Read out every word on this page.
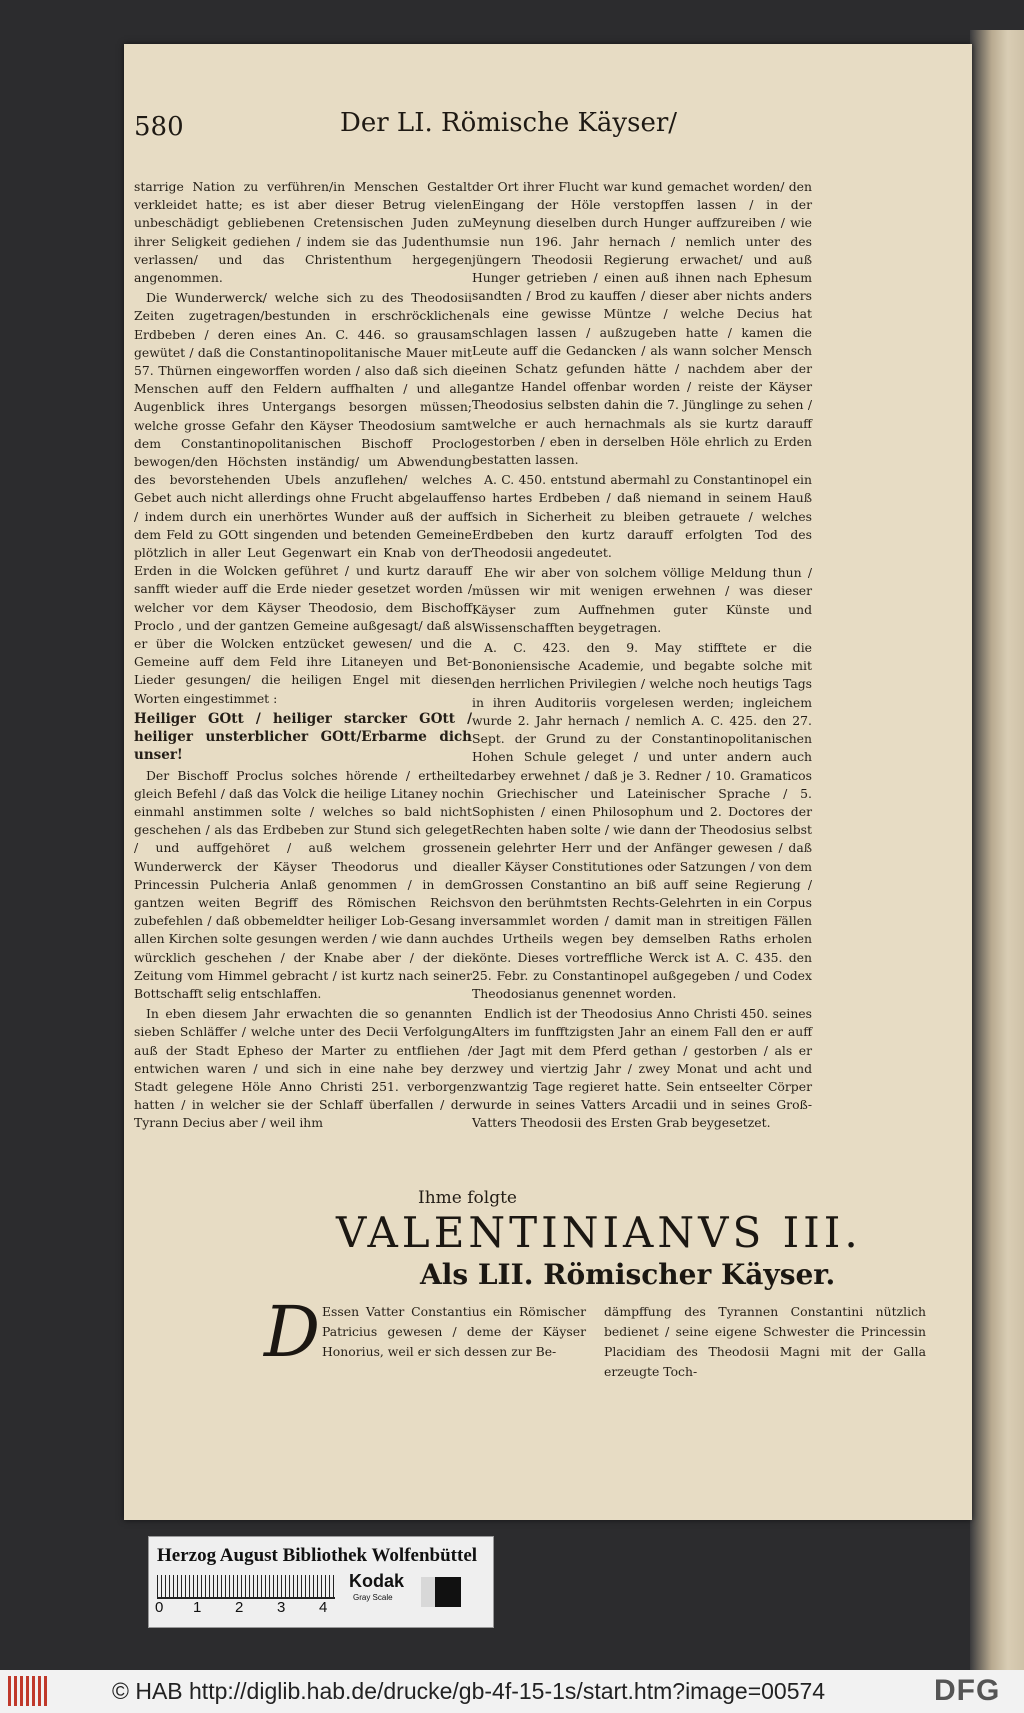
580	Der LI. Römische Käyser/

starrige Nation zu verführen/in Menschen Gestalt verkleidet hatte; es ist aber dieser Betrug vielen unbeschädigt gebliebenen Cretensischen Juden zu ihrer Seligkeit gediehen / indem sie das Judenthum verlassen/ und das Christenthum hergegen angenommen.

Die Wunderwerck/ welche sich zu des Theodosii Zeiten zugetragen/bestunden in erschröcklichen Erdbeben / deren eines An. C. 446. so grausam gewütet / daß die Constantinopolitanische Mauer mit 57. Thürnen eingeworffen worden / also daß sich die Menschen auff den Feldern auffhalten / und alle Augenblick ihres Untergangs besorgen müssen; welche grosse Gefahr den Käyser Theodosium samt dem Constantinopolitanischen Bischoff Proclo bewogen/den Höchsten inständig/ um Abwendung des bevorstehenden Ubels anzuflehen/ welches Gebet auch nicht allerdings ohne Frucht abgelauffen / indem durch ein unerhörtes Wunder auß der auff dem Feld zu GOtt singenden und betenden Gemeine plötzlich in aller Leut Gegenwart ein Knab von der Erden in die Wolcken geführet / und kurtz darauff sanfft wieder auff die Erde nieder gesetzet worden / welcher vor dem Käyser Theodosio, dem Bischoff Proclo , und der gantzen Gemeine außgesagt/ daß als er über die Wolcken entzücket gewesen/ und die Gemeine auff dem Feld ihre Litaneyen und Bet-Lieder gesungen/ die heiligen Engel mit diesen Worten eingestimmet :

Heiliger GOtt / heiliger starcker GOtt / heiliger unsterblicher GOtt/Erbarme dich unser!

Der Bischoff Proclus solches hörende / ertheilte gleich Befehl / daß das Volck die heilige Litaney noch einmahl anstimmen solte / welches so bald nicht geschehen / als das Erdbeben zur Stund sich geleget / und auffgehöret / auß welchem grossen Wunderwerck der Käyser Theodorus und die Princessin Pulcheria Anlaß genommen / in dem gantzen weiten Begriff des Römischen Reichs zubefehlen / daß obbemeldter heiliger Lob-Gesang in allen Kirchen solte gesungen werden / wie dann auch würcklich geschehen / der Knabe aber / der die Zeitung vom Himmel gebracht / ist kurtz nach seiner Bottschafft selig entschlaffen.

In eben diesem Jahr erwachten die so genannten sieben Schläffer / welche unter des Decii Verfolgung auß der Stadt Epheso der Marter zu entfliehen / entwichen waren / und sich in eine nahe bey der Stadt gelegene Höle Anno Christi 251. verborgen hatten / in welcher sie der Schlaff überfallen / der Tyrann Decius aber / weil ihm

der Ort ihrer Flucht war kund gemachet worden/ den Eingang der Höle verstopffen lassen / in der Meynung dieselben durch Hunger auffzureiben / wie sie nun 196. Jahr hernach / nemlich unter des jüngern Theodosii Regierung erwachet/ und auß Hunger getrieben / einen auß ihnen nach Ephesum sandten / Brod zu kauffen / dieser aber nichts anders als eine gewisse Müntze / welche Decius hat schlagen lassen / außzugeben hatte / kamen die Leute auff die Gedancken / als wann solcher Mensch einen Schatz gefunden hätte / nachdem aber der gantze Handel offenbar worden / reiste der Käyser Theodosius selbsten dahin die 7. Jünglinge zu sehen / welche er auch hernachmals als sie kurtz darauff gestorben / eben in derselben Höle ehrlich zu Erden bestatten lassen.

A. C. 450. entstund abermahl zu Constantinopel ein so hartes Erdbeben / daß niemand in seinem Hauß sich in Sicherheit zu bleiben getrauete / welches Erdbeben den kurtz darauff erfolgten Tod des Theodosii angedeutet.

Ehe wir aber von solchem völlige Meldung thun / müssen wir mit wenigen erwehnen / was dieser Käyser zum Auffnehmen guter Künste und Wissenschafften beygetragen.

A. C. 423. den 9. May stifftete er die Bononiensische Academie, und begabte solche mit den herrlichen Privilegien / welche noch heutigs Tags in ihren Auditoriis vorgelesen werden; ingleichem wurde 2. Jahr hernach / nemlich A. C. 425. den 27. Sept. der Grund zu der Constantinopolitanischen Hohen Schule geleget / und unter andern auch darbey erwehnet / daß je 3. Redner / 10. Gramaticos in Griechischer und Lateinischer Sprache / 5. Sophisten / einen Philosophum und 2. Doctores der Rechten haben solte / wie dann der Theodosius selbst ein gelehrter Herr und der Anfänger gewesen / daß aller Käyser Constitutiones oder Satzungen / von dem Grossen Constantino an biß auff seine Regierung / von den berühmtsten Rechts-Gelehrten in ein Corpus versammlet worden / damit man in streitigen Fällen des Urtheils wegen bey demselben Raths erholen könte. Dieses vortreffliche Werck ist A. C. 435. den 25. Febr. zu Constantinopel außgegeben / und Codex Theodosianus genennet worden.

Endlich ist der Theodosius Anno Christi 450. seines Alters im funfftzigsten Jahr an einem Fall den er auff der Jagt mit dem Pferd gethan / gestorben / als er zwey und viertzig Jahr / zwey Monat und acht und zwantzig Tage regieret hatte. Sein entseelter Cörper wurde in seines Vatters Arcadii und in seines Groß-Vatters Theodosii des Ersten Grab beygesetzet.

Ihme folgte
VALENTINIANVS III.
Als LII. Römischer Käyser.
D Essen Vatter Constantius ein Römischer Patricius gewesen / deme der Käyser Honorius, weil er sich dessen zur Be-
dämpffung des Tyrannen Constantini nützlich bedienet / seine eigene Schwester die Princessin Placidiam des Theodosii Magni mit der Galla erzeugte Toch-
Herzog August Bibliothek Wolfenbüttel
0 1 2 3 4
Kodak
Gray Scale
© HAB http://diglib.hab.de/drucke/gb-4f-15-1s/start.htm?image=00574	DFG
